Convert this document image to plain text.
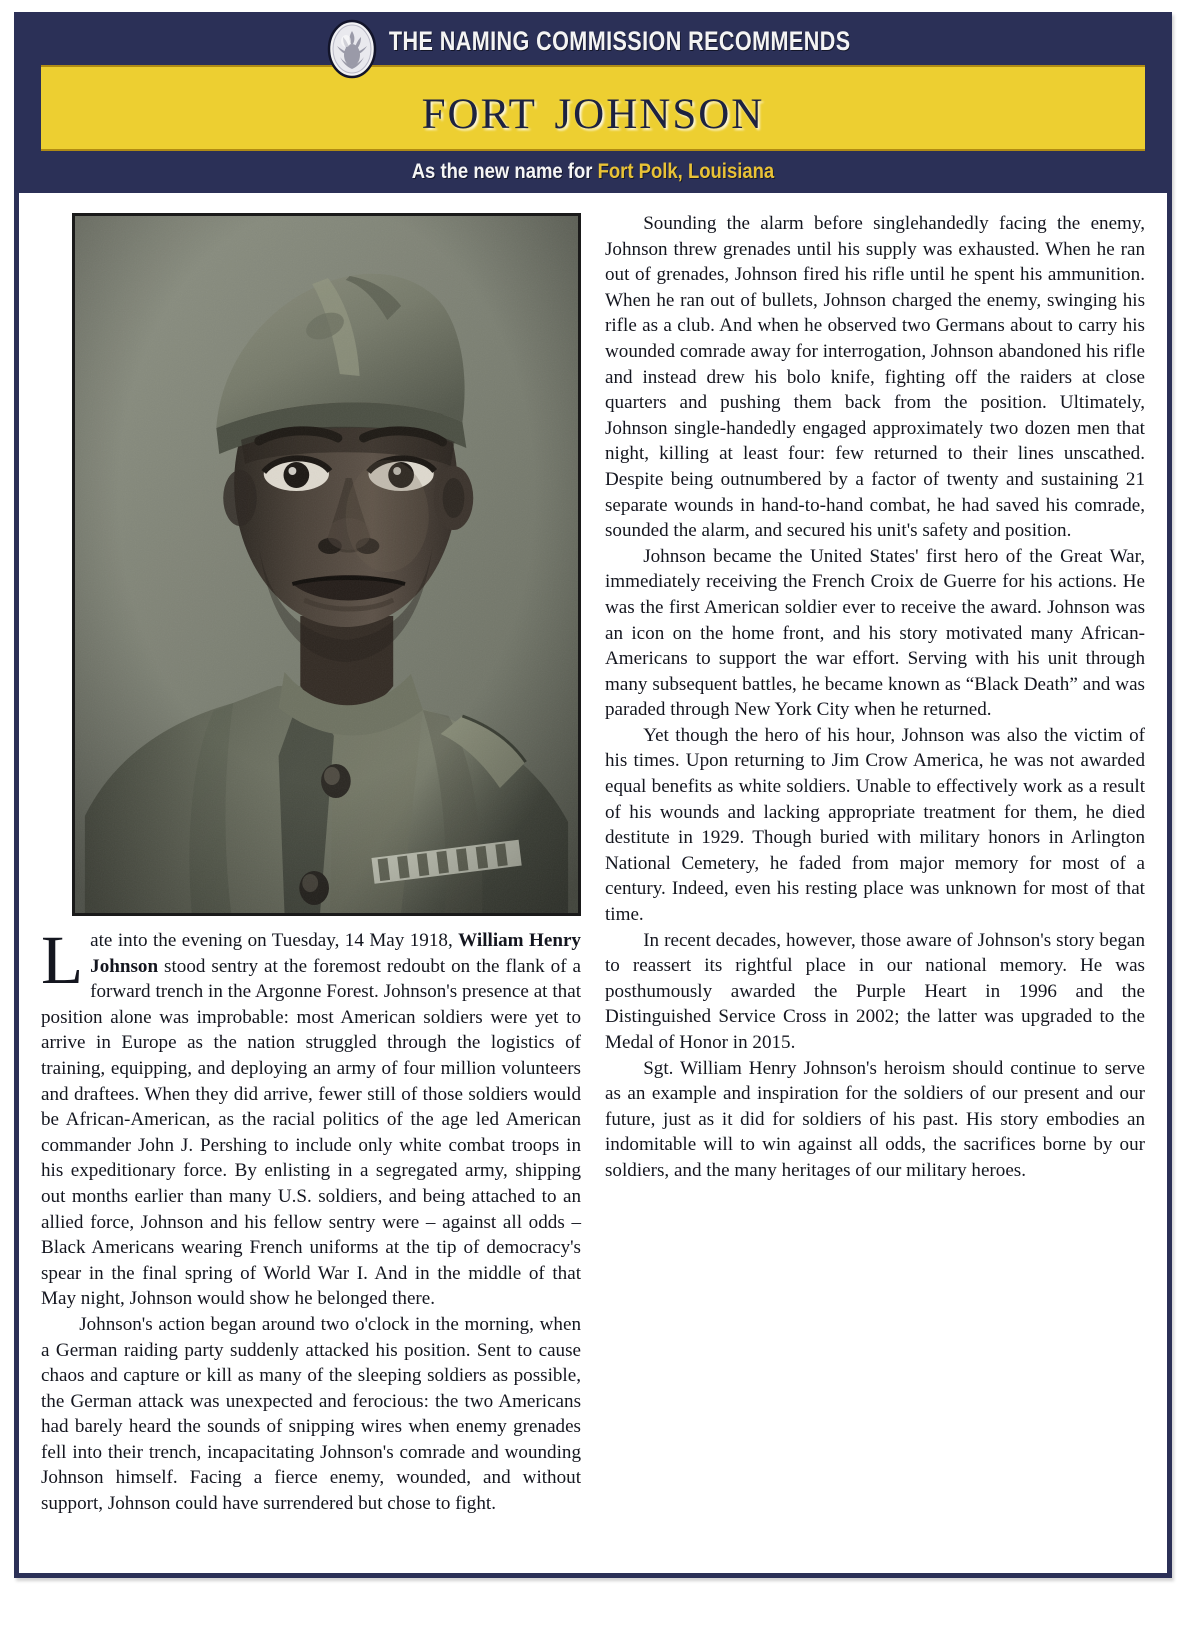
THE NAMING COMMISSION RECOMMENDS
fort johnson
As the new name for Fort Polk, Louisiana

Late into the evening on Tuesday, 14 May 1918, William Henry Johnson stood sentry at the foremost redoubt on the flank of a forward trench in the Argonne Forest. Johnson's presence at that position alone was improbable: most American soldiers were yet to arrive in Europe as the nation struggled through the logistics of training, equipping, and deploying an army of four million volunteers and draftees. When they did arrive, fewer still of those soldiers would be African-American, as the racial politics of the age led American commander John J. Pershing to include only white combat troops in his expeditionary force. By enlisting in a segregated army, shipping out months earlier than many U.S. soldiers, and being attached to an allied force, Johnson and his fellow sentry were – against all odds – Black Americans wearing French uniforms at the tip of democracy's spear in the final spring of World War I. And in the middle of that May night, Johnson would show he belonged there.

Johnson's action began around two o'clock in the morning, when a German raiding party suddenly attacked his position. Sent to cause chaos and capture or kill as many of the sleeping soldiers as possible, the German attack was unexpected and ferocious: the two Americans had barely heard the sounds of snipping wires when enemy grenades fell into their trench, incapacitating Johnson's comrade and wounding Johnson himself. Facing a fierce enemy, wounded, and without support, Johnson could have surrendered but chose to fight.

Sounding the alarm before singlehandedly facing the enemy, Johnson threw grenades until his supply was exhausted. When he ran out of grenades, Johnson fired his rifle until he spent his ammunition. When he ran out of bullets, Johnson charged the enemy, swinging his rifle as a club. And when he observed two Germans about to carry his wounded comrade away for interrogation, Johnson abandoned his rifle and instead drew his bolo knife, fighting off the raiders at close quarters and pushing them back from the position. Ultimately, Johnson single-handedly engaged approximately two dozen men that night, killing at least four: few returned to their lines unscathed. Despite being outnumbered by a factor of twenty and sustaining 21 separate wounds in hand-to-hand combat, he had saved his comrade, sounded the alarm, and secured his unit's safety and position.

Johnson became the United States' first hero of the Great War, immediately receiving the French Croix de Guerre for his actions. He was the first American soldier ever to receive the award. Johnson was an icon on the home front, and his story motivated many African-Americans to support the war effort. Serving with his unit through many subsequent battles, he became known as “Black Death” and was paraded through New York City when he returned.

Yet though the hero of his hour, Johnson was also the victim of his times. Upon returning to Jim Crow America, he was not awarded equal benefits as white soldiers. Unable to effectively work as a result of his wounds and lacking appropriate treatment for them, he died destitute in 1929. Though buried with military honors in Arlington National Cemetery, he faded from major memory for most of a century. Indeed, even his resting place was unknown for most of that time.

In recent decades, however, those aware of Johnson's story began to reassert its rightful place in our national memory. He was posthumously awarded the Purple Heart in 1996 and the Distinguished Service Cross in 2002; the latter was upgraded to the Medal of Honor in 2015.

Sgt. William Henry Johnson's heroism should continue to serve as an example and inspiration for the soldiers of our present and our future, just as it did for soldiers of his past. His story embodies an indomitable will to win against all odds, the sacrifices borne by our soldiers, and the many heritages of our military heroes.
